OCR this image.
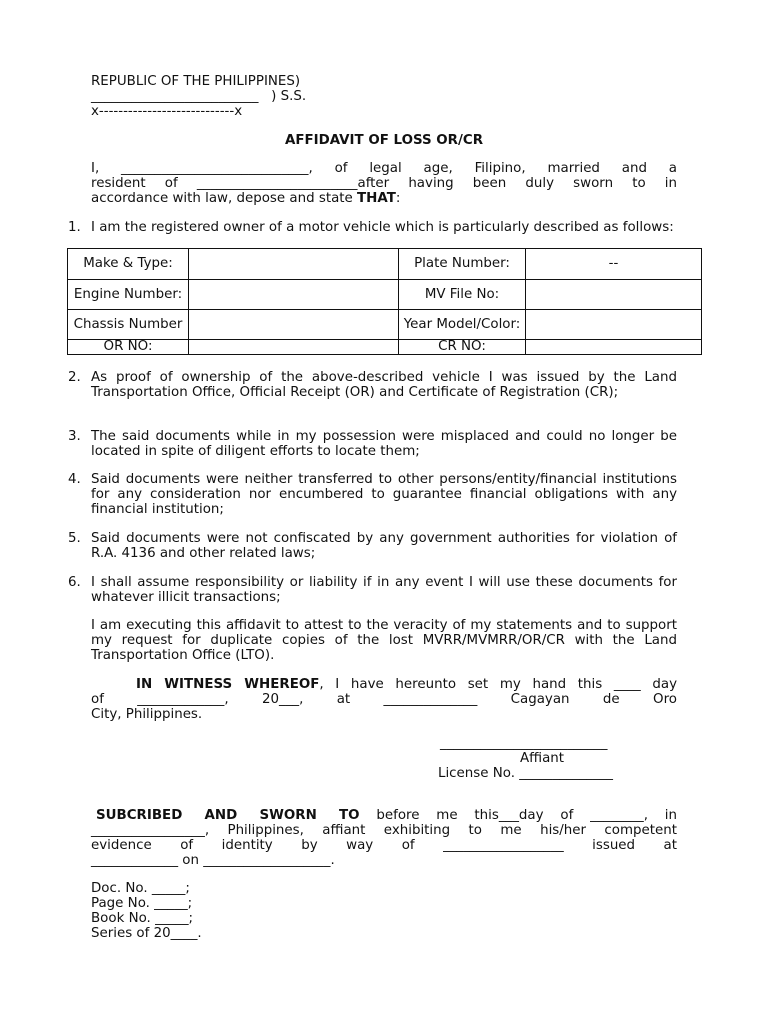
REPUBLIC OF THE PHILIPPINES)

_________________________   ) S.S.

x----------------------------x

AFFIDAVIT OF LOSS OR/CR

I, ____________________________, of legal age, Filipino, married and a

resident of ________________________after having been duly sworn to in

accordance with law, depose and state THAT:

1. I am the registered owner of a motor vehicle which is particularly described as follows:
Make & Type:		Plate Number:	--
Engine Number:		MV File No:	
Chassis Number		Year Model/Color:	
OR NO:		CR NO:	
2. As proof of ownership of the above-described vehicle I was issued by the Land Transportation Office, Official Receipt (OR) and Certificate of Registration (CR);
3. The said documents while in my possession were misplaced and could no longer be located in spite of diligent efforts to locate them;
4. Said documents were neither transferred to other persons/entity/financial institutions for any consideration nor encumbered to guarantee financial obligations with any financial institution;
5. Said documents were not confiscated by any government authorities for violation of R.A. 4136 and other related laws;
6. I shall assume responsibility or liability if in any event I will use these documents for whatever illicit transactions;

I am executing this affidavit to attest to the veracity of my statements and to support my request for duplicate copies of the lost MVRR/MVMRR/OR/CR with the Land Transportation Office (LTO).

IN WITNESS WHEREOF, I have hereunto set my hand this ____ day

of _____________, 20___, at ______________ Cagayan de Oro

City, Philippines.

_________________________

Affiant

License No. ______________

SUBCRIBED AND SWORN TO before me this___day of ________, in

_________________, Philippines, affiant exhibiting to me his/her competent

evidence of identity by way of __________________ issued at

_____________ on ___________________.

Doc. No. _____;

Page No. _____;

Book No. _____;

Series of 20____.
